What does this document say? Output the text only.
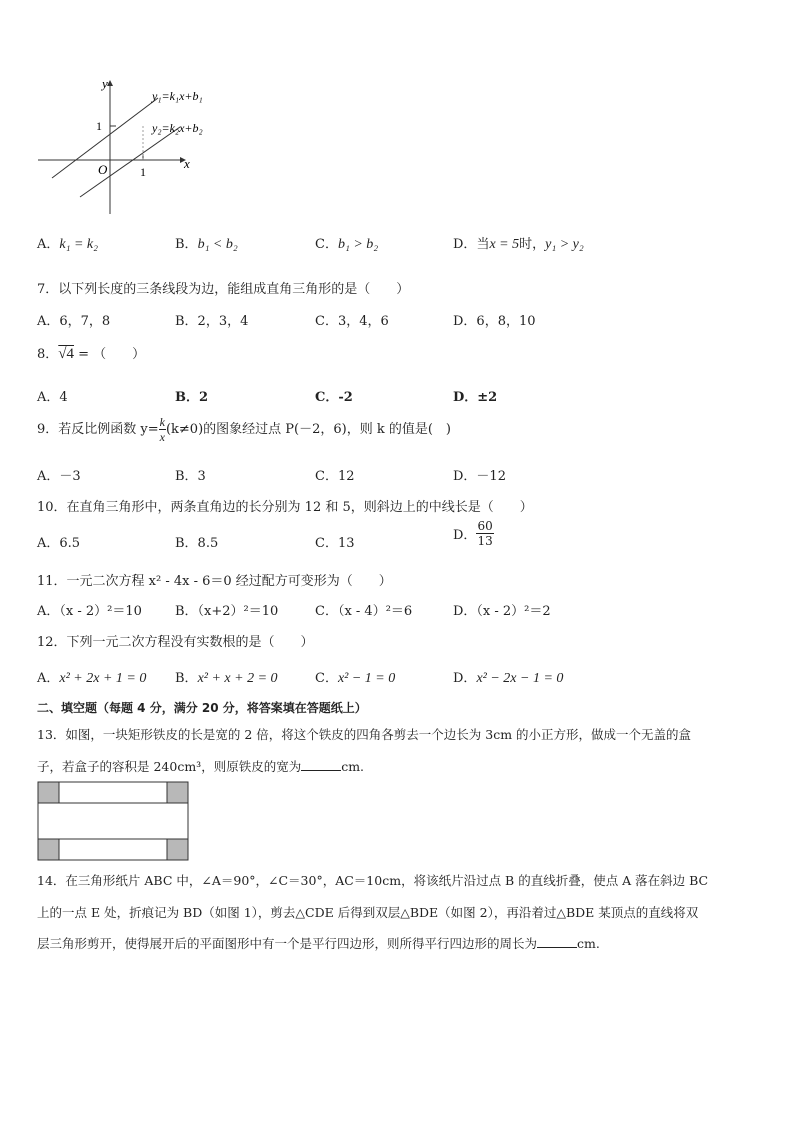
y
x
O	1
1
y₁=k₁x+b₁
y₂=k₂x+b₂
A．k₁ = k₂	B．b₁ < b₂	C．b₁ > b₂	D．当x = 5时，y₁ > y₂
7．以下列长度的三条线段为边，能组成直角三角形的是（　　）
A．6，7，8	B．2，3，4	C．3，4，6	D．6，8，10
8．√4 = （　　）
A．4	B．2	C．-2	D．±2
9．若反比例函数 $y= \frac{k}{x} (k\ne 0)$的图象经过点 P(－2，6)，则 k 的值是(　)
A．－3	B．3	C．12	D．－12
10．在直角三角形中，两条直角边的长分别为 12 和 5，则斜边上的中线长是（　　）
A．6.5	B．8.5	C．13
D． $\frac{60}{13}$
11．一元二次方程 x² - 4x - 6＝0 经过配方可变形为（　　）
A．（x - 2）²＝10	B．（x+2）²＝10	C．（x - 4）²＝6	D．（x - 2）²＝2
12．下列一元二次方程没有实数根的是（　　）
A．x² + 2x + 1 = 0 B．x² + x + 2 = 0	C．x² − 1 = 0	D．x² − 2x − 1 = 0
二、填空题（每题 4 分，满分 20 分，将答案填在答题纸上）
13．如图，一块矩形铁皮的长是宽的 2 倍，将这个铁皮的四角各剪去一个边长为 3cm 的小正方形，做成一个无盖的盒
子，若盒子的容积是 240cm³，则原铁皮的宽为	cm.
14．在三角形纸片 ABC 中，∠A＝90°，∠C＝30°，AC＝10cm，将该纸片沿过点 B 的直线折叠，使点 A 落在斜边 BC
上的一点 E 处，折痕记为 BD（如图 1），剪去△CDE 后得到双层△BDE（如图 2），再沿着过△BDE 某顶点的直线将双
层三角形剪开，使得展开后的平面图形中有一个是平行四边形，则所得平行四边形的周长为	cm.
